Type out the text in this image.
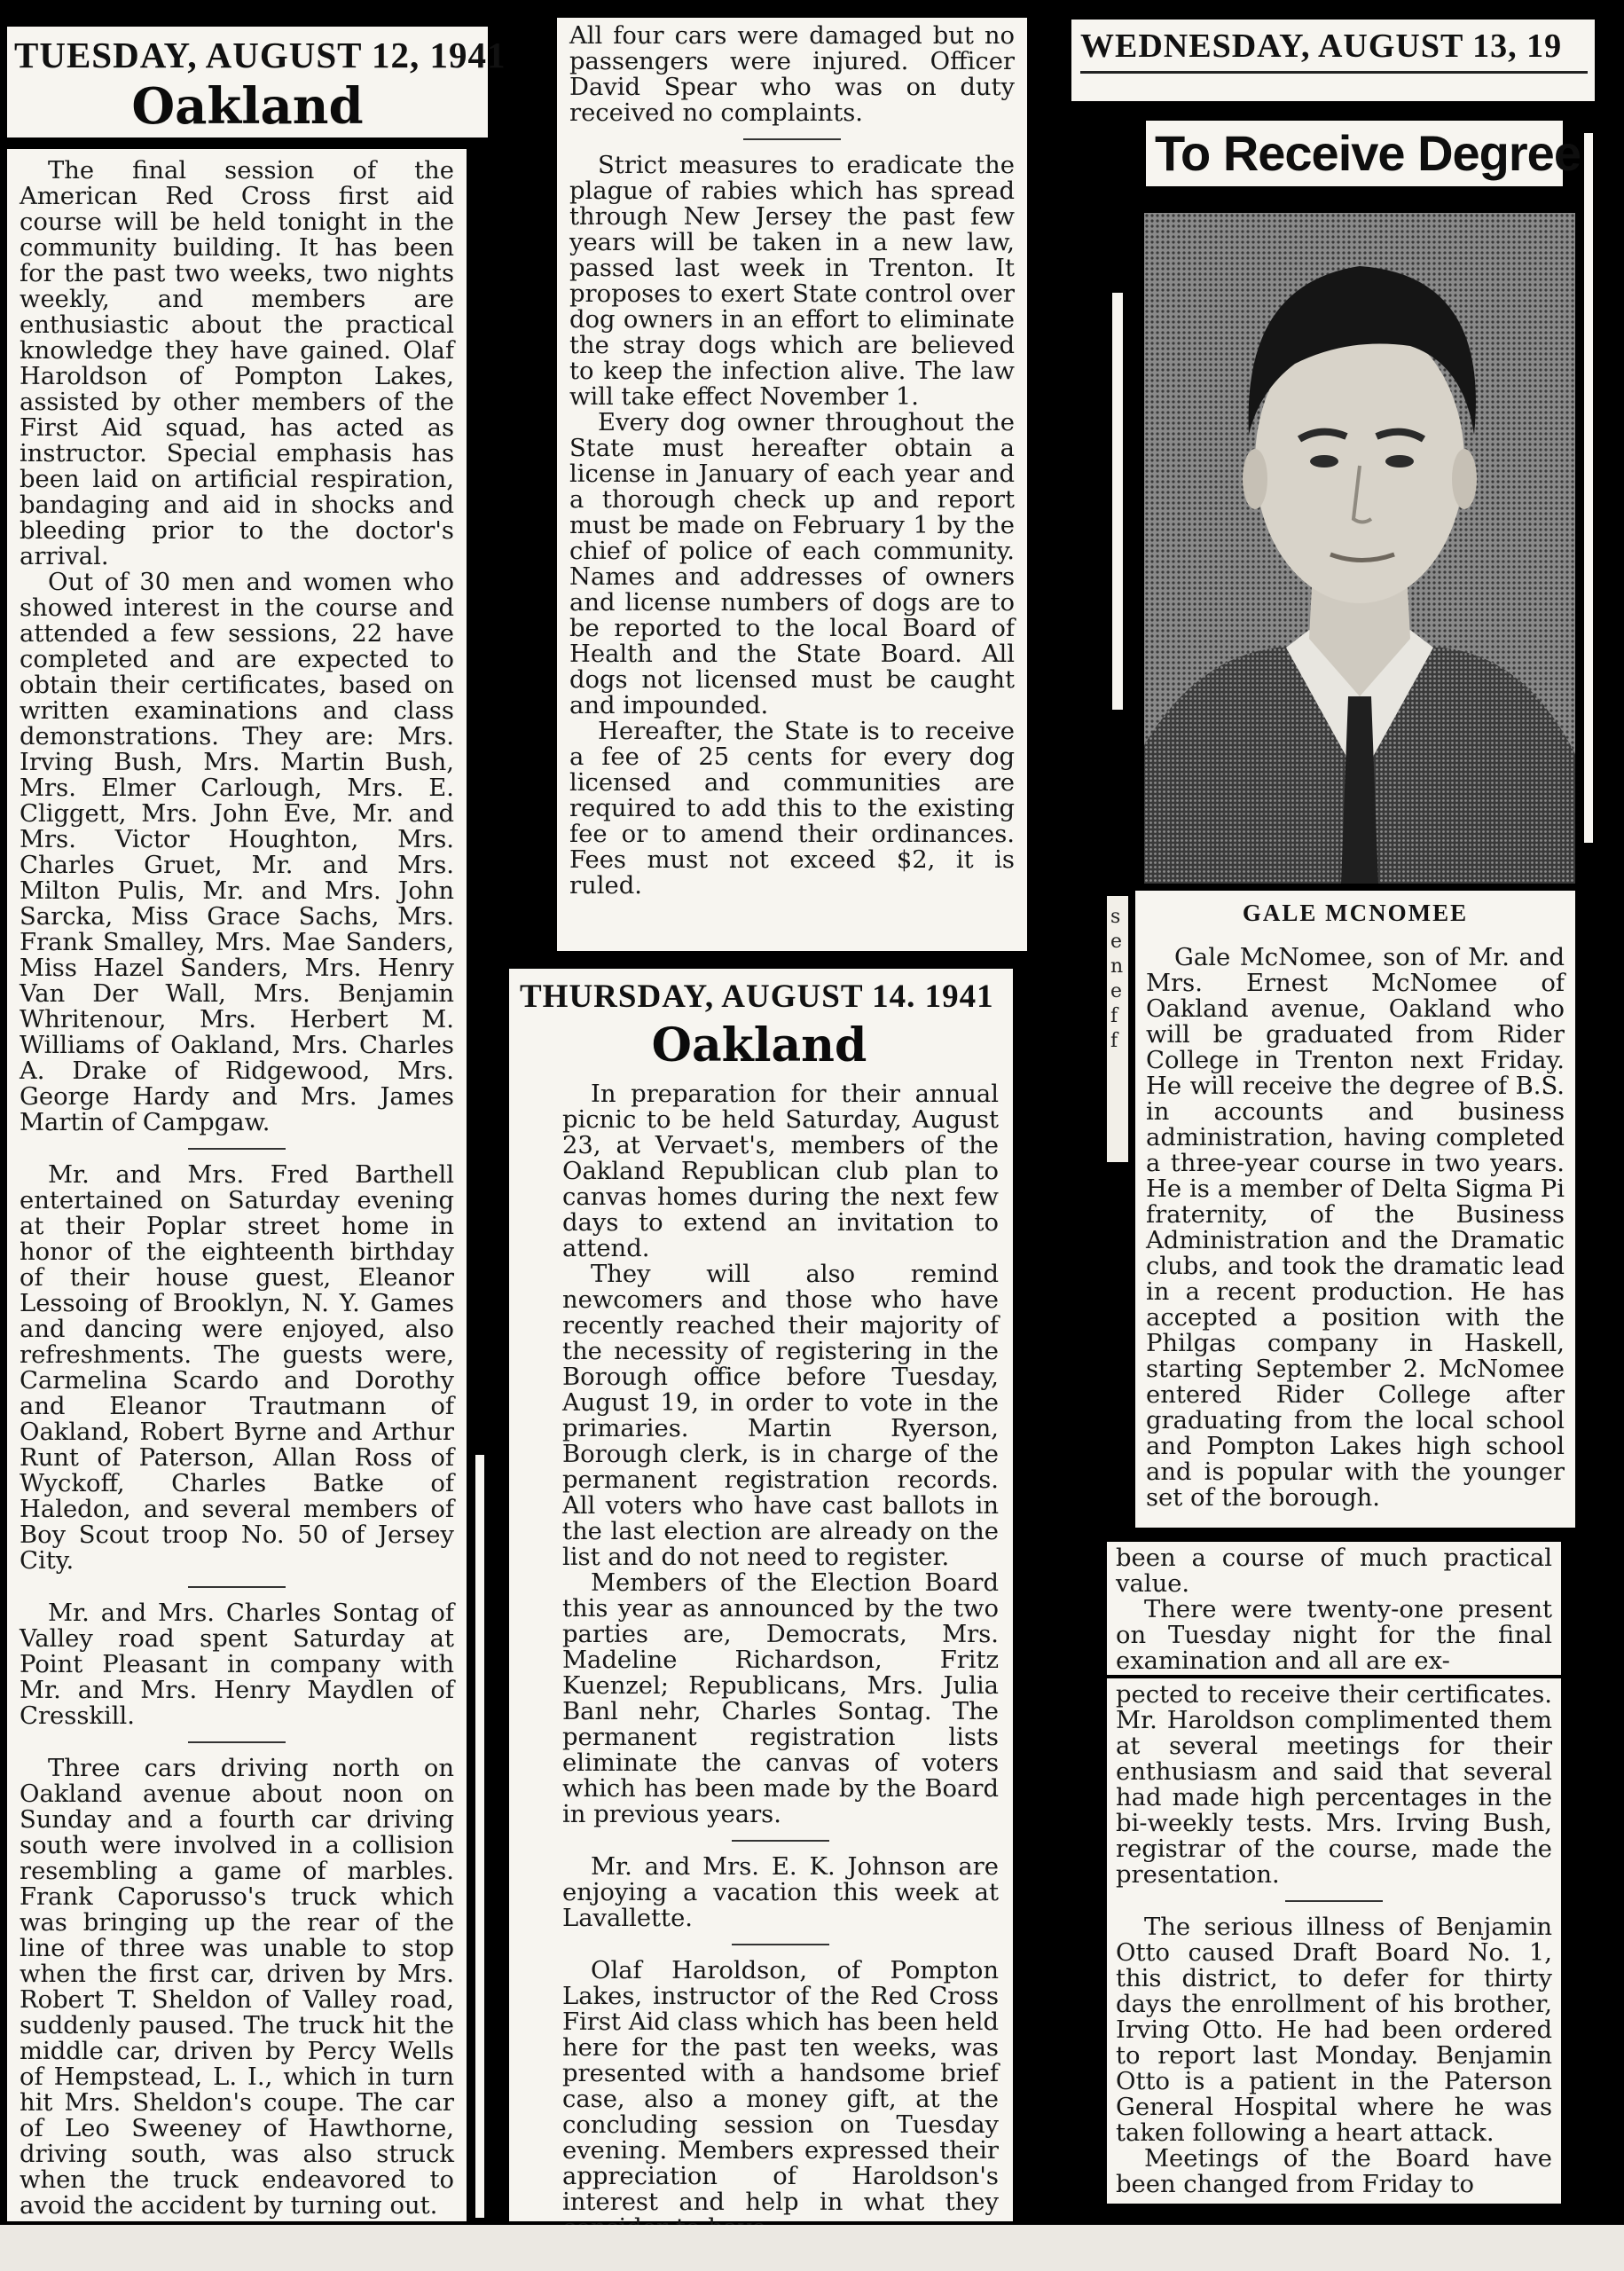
TUESDAY, AUGUST 12, 1941
Oakland

The final session of the American Red Cross first aid course will be held tonight in the community building. It has been for the past two weeks, two nights weekly, and members are enthusiastic about the practical knowledge they have gained. Olaf Haroldson of Pompton Lakes, assisted by other members of the First Aid squad, has acted as instructor. Special emphasis has been laid on artificial respiration, bandaging and aid in shocks and bleeding prior to the doctor's arrival.

Out of 30 men and women who showed interest in the course and attended a few sessions, 22 have completed and are expected to obtain their certificates, based on written examinations and class demonstrations. They are: Mrs. Irving Bush, Mrs. Martin Bush, Mrs. Elmer Carlough, Mrs. E. Cliggett, Mrs. John Eve, Mr. and Mrs. Victor Houghton, Mrs. Charles Gruet, Mr. and Mrs. Milton Pulis, Mr. and Mrs. John Sarcka, Miss Grace Sachs, Mrs. Frank Smalley, Mrs. Mae Sanders, Miss Hazel Sanders, Mrs. Henry Van Der Wall, Mrs. Benjamin Whritenour, Mrs. Herbert M. Williams of Oakland, Mrs. Charles A. Drake of Ridgewood, Mrs. George Hardy and Mrs. James Martin of Campgaw.

Mr. and Mrs. Fred Barthell entertained on Saturday evening at their Poplar street home in honor of the eighteenth birthday of their house guest, Eleanor Lessoing of Brooklyn, N. Y. Games and dancing were enjoyed, also refreshments. The guests were, Carmelina Scardo and Dorothy and Eleanor Trautmann of Oakland, Robert Byrne and Arthur Runt of Paterson, Allan Ross of Wyckoff, Charles Batke of Haledon, and several members of Boy Scout troop No. 50 of Jersey City.

Mr. and Mrs. Charles Sontag of Valley road spent Saturday at Point Pleasant in company with Mr. and Mrs. Henry Maydlen of Cresskill.

Three cars driving north on Oakland avenue about noon on Sunday and a fourth car driving south were involved in a collision resembling a game of marbles. Frank Caporusso's truck which was bringing up the rear of the line of three was unable to stop when the first car, driven by Mrs. Robert T. Sheldon of Valley road, suddenly paused. The truck hit the middle car, driven by Percy Wells of Hempstead, L. I., which in turn hit Mrs. Sheldon's coupe. The car of Leo Sweeney of Hawthorne, driving south, was also struck when the truck endeavored to avoid the accident by turning out.

All four cars were damaged but no passengers were injured. Officer David Spear who was on duty received no complaints.

Strict measures to eradicate the plague of rabies which has spread through New Jersey the past few years will be taken in a new law, passed last week in Trenton. It proposes to exert State control over dog owners in an effort to eliminate the stray dogs which are believed to keep the infection alive. The law will take effect November 1.

Every dog owner throughout the State must hereafter obtain a license in January of each year and a thorough check up and report must be made on February 1 by the chief of police of each community. Names and addresses of owners and license numbers of dogs are to be reported to the local Board of Health and the State Board. All dogs not licensed must be caught and impounded.

Hereafter, the State is to receive a fee of 25 cents for every dog licensed and communities are required to add this to the existing fee or to amend their ordinances. Fees must not exceed $2, it is ruled.

THURSDAY, AUGUST 14. 1941
Oakland

In preparation for their annual picnic to be held Saturday, August 23, at Vervaet's, members of the Oakland Republican club plan to canvas homes during the next few days to extend an invitation to attend.

They will also remind newcomers and those who have recently reached their majority of the necessity of registering in the Borough office before Tuesday, August 19, in order to vote in the primaries. Martin Ryerson, Borough clerk, is in charge of the permanent registration records. All voters who have cast ballots in the last election are already on the list and do not need to register.

Members of the Election Board this year as announced by the two parties are, Democrats, Mrs. Madeline Richardson, Fritz Kuenzel; Republicans, Mrs. Julia Banl nehr, Charles Sontag. The permanent registration lists eliminate the canvas of voters which has been made by the Board in previous years.

Mr. and Mrs. E. K. Johnson are enjoying a vacation this week at Lavallette.

Olaf Haroldson, of Pompton Lakes, instructor of the Red Cross First Aid class which has been held here for the past ten weeks, was presented with a handsome brief case, also a money gift, at the concluding session on Tuesday evening. Members expressed their appreciation of Haroldson's interest and help in what they

WEDNESDAY, AUGUST 13, 19
To Receive Degree
GALE MCNOMEE

Gale McNomee, son of Mr. and Mrs. Ernest McNomee of Oakland avenue, Oakland who will be graduated from Rider College in Trenton next Friday. He will receive the degree of B.S. in accounts and business administration, having completed a three-year course in two years. He is a member of Delta Sigma Pi fraternity, of the Business Administration and the Dramatic clubs, and took the dramatic lead in a recent production. He has accepted a position with the Philgas company in Haskell, starting September 2. McNomee entered Rider College after graduating from the local school and Pompton Lakes high school and is popular with the younger set of the borough.

been a course of much practical value.

There were twenty-one present on Tuesday night for the final examination and all are ex-

pected to receive their certificates. Mr. Haroldson complimented them at several meetings for their enthusiasm and said that several had made high percentages in the bi-weekly tests. Mrs. Irving Bush, registrar of the course, made the presentation.

The serious illness of Benjamin Otto caused Draft Board No. 1, this district, to defer for thirty days the enrollment of his brother, Irving Otto. He had been ordered to report last Monday. Benjamin Otto is a patient in the Paterson General Hospital where he was taken following a heart attack.

Meetings of the Board have been changed from Friday to

s e n e f f
